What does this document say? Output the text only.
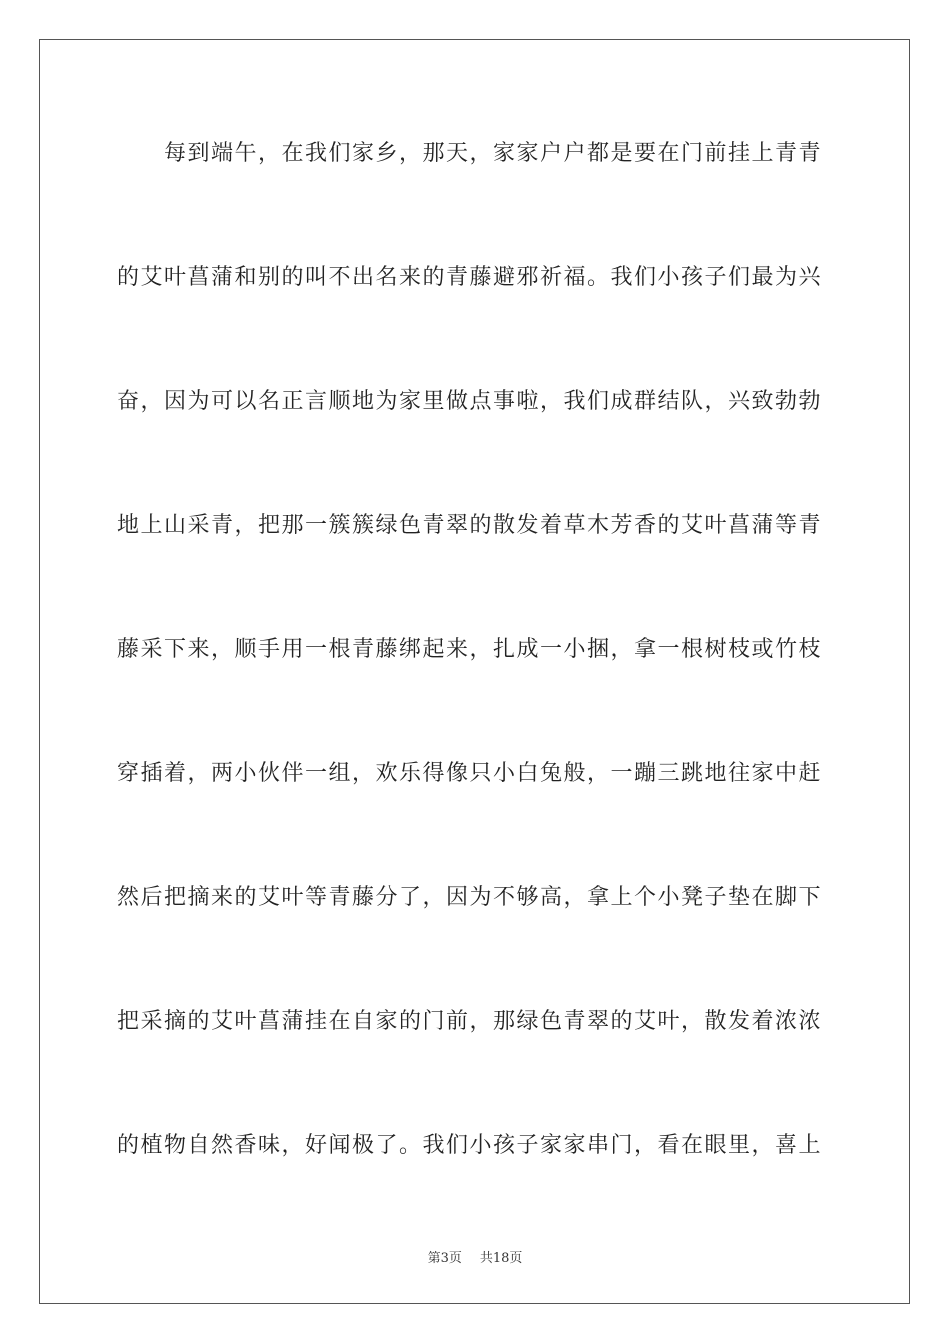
每到端午，在我们家乡，那天，家家户户都是要在门前挂上青青
的艾叶菖蒲和别的叫不出名来的青藤避邪祈福。我们小孩子们最为兴
奋，因为可以名正言顺地为家里做点事啦，我们成群结队，兴致勃勃
地上山采青，把那一簇簇绿色青翠的散发着草木芳香的艾叶菖蒲等青
藤采下来，顺手用一根青藤绑起来，扎成一小捆，拿一根树枝或竹枝
穿插着，两小伙伴一组，欢乐得像只小白兔般，一蹦三跳地往家中赶
然后把摘来的艾叶等青藤分了，因为不够高，拿上个小凳子垫在脚下
把采摘的艾叶菖蒲挂在自家的门前，那绿色青翠的艾叶，散发着浓浓
的植物自然香味，好闻极了。我们小孩子家家串门，看在眼里，喜上
第3页 共18页
